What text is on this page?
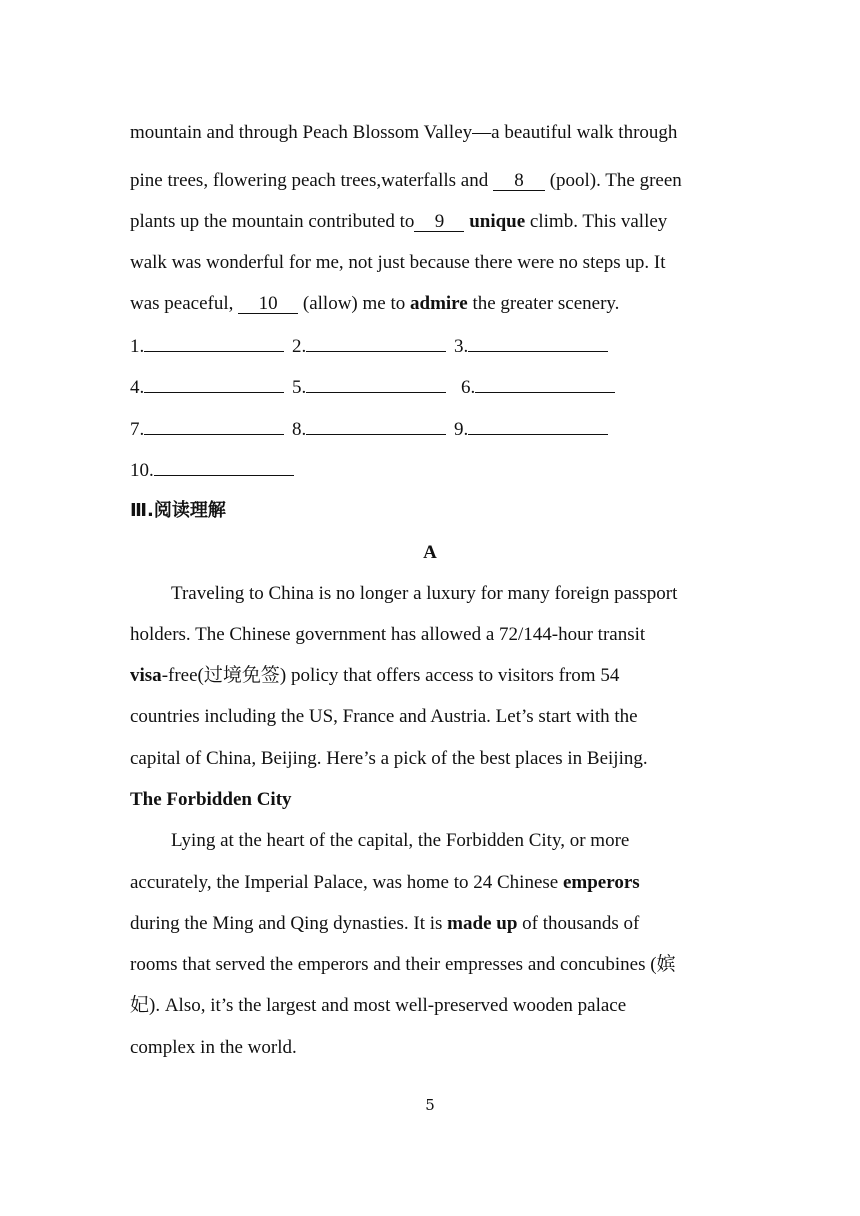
mountain and through Peach Blossom Valley—a beautiful walk through
pine trees, flowering peach trees,waterfalls and 8 (pool). The green
plants up the mountain contributed to 9 unique climb. This valley
walk was wonderful for me, not just because there were no steps up. It
was peaceful, 10 (allow) me to admire the greater scenery.
1.	2.	3.
4.	5.	6.
7.	8.	9.
10.
Ⅲ.阅读理解
A
Traveling to China is no longer a luxury for many foreign passport
holders. The Chinese government has allowed a 72/144-hour transit
visa-free(过境免签) policy that offers access to visitors from 54
countries including the US, France and Austria. Let’s start with the
capital of China, Beijing. Here’s a pick of the best places in Beijing.
The Forbidden City
Lying at the heart of the capital, the Forbidden City, or more
accurately, the Imperial Palace, was home to 24 Chinese emperors
during the Ming and Qing dynasties. It is made up of thousands of
rooms that served the emperors and their empresses and concubines (嫔
妃). Also, it’s the largest and most well-preserved wooden palace
complex in the world.
5
